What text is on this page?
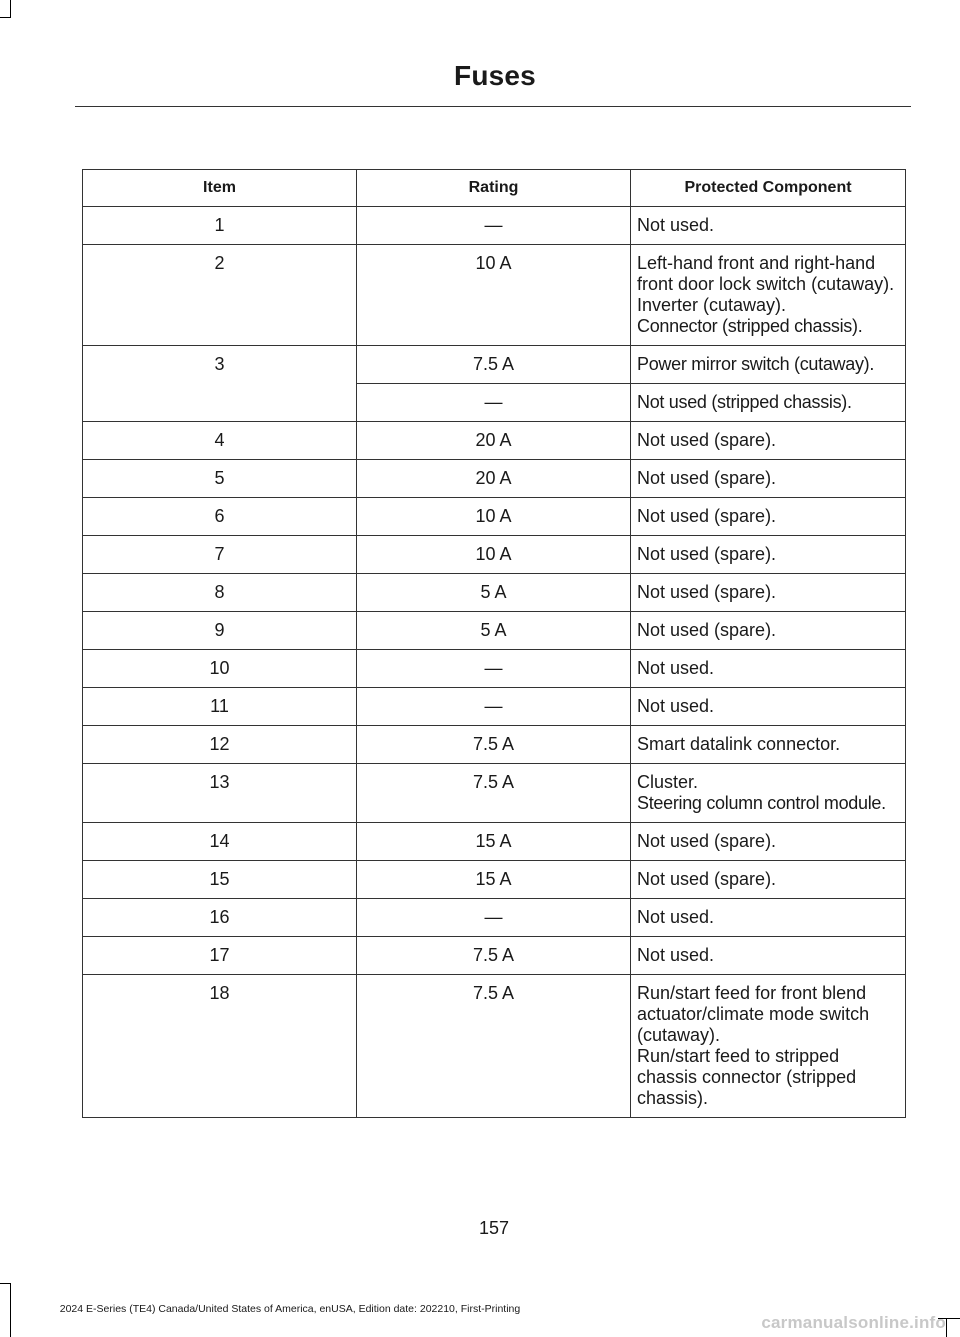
Fuses
Item	Rating	Protected Component
1	—	Not used.

2	10 A	Left-hand front and right-hand front door lock switch (cutaway).
Inverter (cutaway).
Connector (stripped chassis).

3	7.5 A	Power mirror switch (cutaway).

	—	Not used (stripped chassis).

4	20 A	Not used (spare).

5	20 A	Not used (spare).

6	10 A	Not used (spare).

7	10 A	Not used (spare).

8	5 A	Not used (spare).

9	5 A	Not used (spare).

10	—	Not used.

11	—	Not used.

12	7.5 A	Smart datalink connector.

13	7.5 A	Cluster.
Steering column control module.

14	15 A	Not used (spare).

15	15 A	Not used (spare).

16	—	Not used.

17	7.5 A	Not used.

18	7.5 A	Run/start feed for front blend actuator/climate mode switch (cutaway).
Run/start feed to stripped chassis connector (stripped chassis).
157
2024 E-Series (TE4) Canada/United States of America, enUSA, Edition date: 202210, First-Printing
carmanualsonline.info
